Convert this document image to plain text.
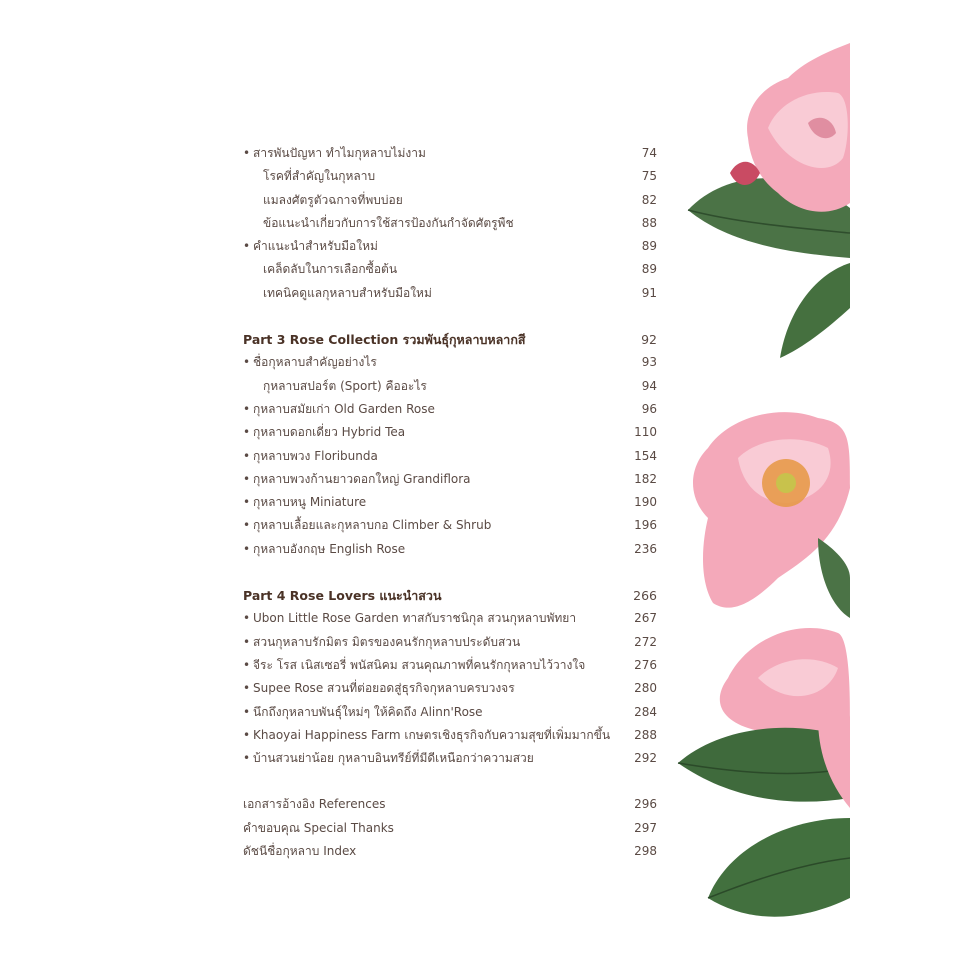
• สารพันปัญหา ทำไมกุหลาบไม่งาม	74
โรคที่สำคัญในกุหลาบ	75
แมลงศัตรูตัวฉกาจที่พบบ่อย	82
ข้อแนะนำเกี่ยวกับการใช้สารป้องกันกำจัดศัตรูพืช	88
• คำแนะนำสำหรับมือใหม่	89
เคล็ดลับในการเลือกซื้อต้น	89
เทคนิคดูแลกุหลาบสำหรับมือใหม่	91
Part 3 Rose Collection รวมพันธุ์กุหลาบหลากสี	92
• ชื่อกุหลาบสำคัญอย่างไร	93
กุหลาบสปอร์ต (Sport) คืออะไร	94
• กุหลาบสมัยเก่า Old Garden Rose	96
• กุหลาบดอกเดี่ยว Hybrid Tea	110
• กุหลาบพวง Floribunda	154
• กุหลาบพวงก้านยาวดอกใหญ่ Grandiflora	182
• กุหลาบหนู Miniature	190
• กุหลาบเลื้อยและกุหลาบกอ Climber & Shrub	196
• กุหลาบอังกฤษ English Rose	236
Part 4 Rose Lovers แนะนำสวน	266
• Ubon Little Rose Garden ทาสกับราชนิกุล สวนกุหลาบพัทยา	267
• สวนกุหลาบรักมิตร มิตรของคนรักกุหลาบประดับสวน	272
• จีระ โรส เนิสเซอรี่ พนัสนิคม สวนคุณภาพที่คนรักกุหลาบไว้วางใจ	276
• Supee Rose สวนที่ต่อยอดสู่ธุรกิจกุหลาบครบวงจร	280
• นึกถึงกุหลาบพันธุ์ใหม่ๆ ให้คิดถึง Alinn'Rose	284
• Khaoyai Happiness Farm เกษตรเชิงธุรกิจกับความสุขที่เพิ่มมากขึ้น 288
• บ้านสวนย่าน้อย กุหลาบอินทรีย์ที่มีดีเหนือกว่าความสวย	292
เอกสารอ้างอิง References	296
คำขอบคุณ Special Thanks	297
ดัชนีชื่อกุหลาบ Index	298
